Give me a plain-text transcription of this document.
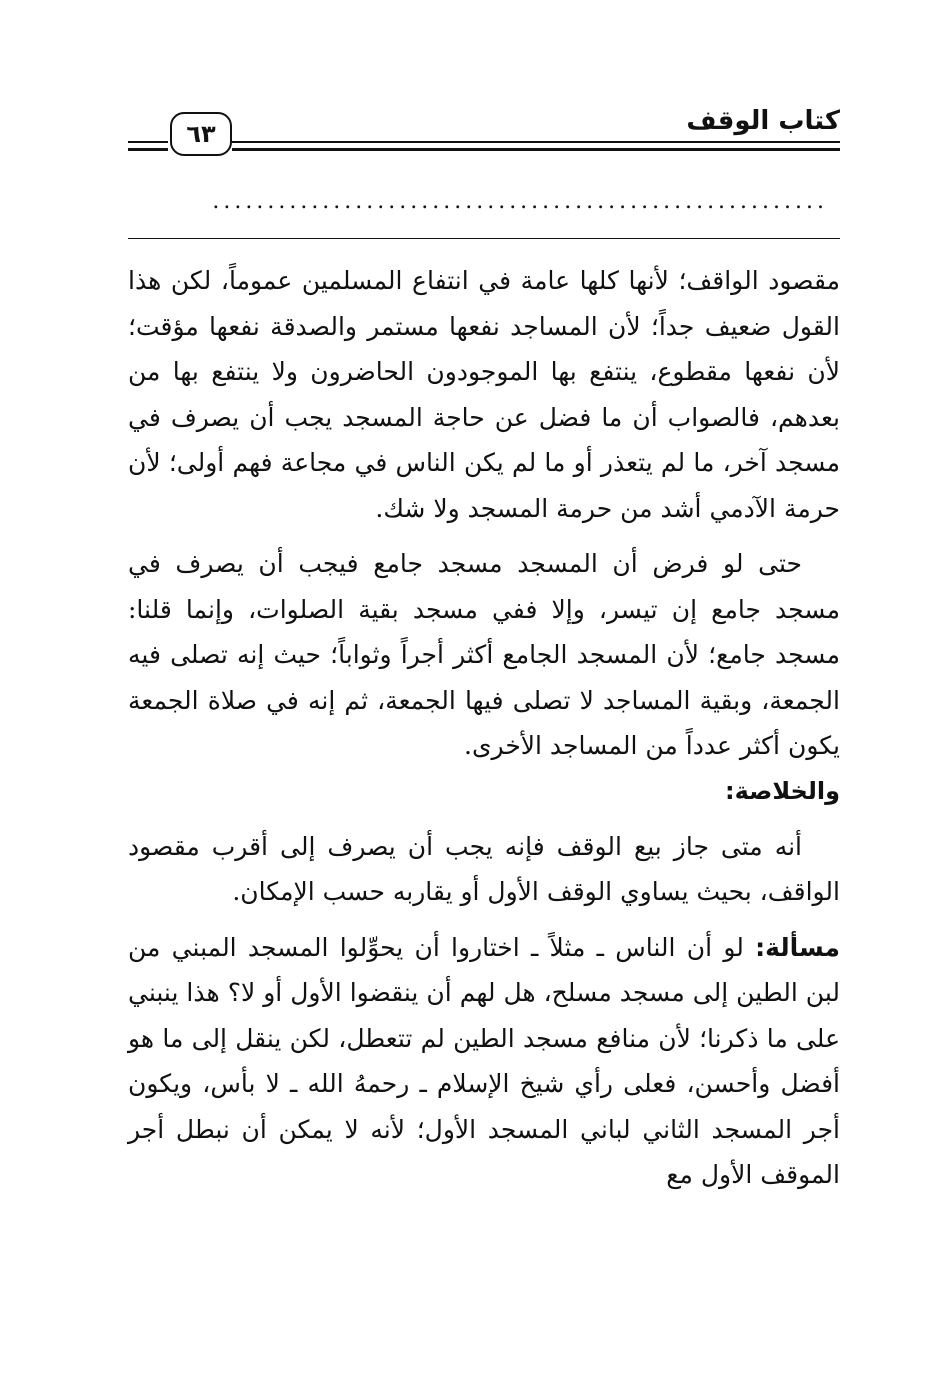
٦٣	كتاب الوقف
........................................................

مقصود الواقف؛ لأنها كلها عامة في انتفاع المسلمين عموماً، لكن هذا القول ضعيف جداً؛ لأن المساجد نفعها مستمر والصدقة نفعها مؤقت؛ لأن نفعها مقطوع، ينتفع بها الموجودون الحاضرون ولا ينتفع بها من بعدهم، فالصواب أن ما فضل عن حاجة المسجد يجب أن يصرف في مسجد آخر، ما لم يتعذر أو ما لم يكن الناس في مجاعة فهم أولى؛ لأن حرمة الآدمي أشد من حرمة المسجد ولا شك.

حتى لو فرض أن المسجد مسجد جامع فيجب أن يصرف في مسجد جامع إن تيسر، وإلا ففي مسجد بقية الصلوات، وإنما قلنا: مسجد جامع؛ لأن المسجد الجامع أكثر أجراً وثواباً؛ حيث إنه تصلى فيه الجمعة، وبقية المساجد لا تصلى فيها الجمعة، ثم إنه في صلاة الجمعة يكون أكثر عدداً من المساجد الأخرى.

والخلاصة:

أنه متى جاز بيع الوقف فإنه يجب أن يصرف إلى أقرب مقصود الواقف، بحيث يساوي الوقف الأول أو يقاربه حسب الإمكان.

مسألة: لو أن الناس ـ مثلاً ـ اختاروا أن يحوِّلوا المسجد المبني من لبن الطين إلى مسجد مسلح، هل لهم أن ينقضوا الأول أو لا؟ هذا ينبني على ما ذكرنا؛ لأن منافع مسجد الطين لم تتعطل، لكن ينقل إلى ما هو أفضل وأحسن، فعلى رأي شيخ الإسلام ـ رحمهُ الله ـ لا بأس، ويكون أجر المسجد الثاني لباني المسجد الأول؛ لأنه لا يمكن أن نبطل أجر الموقف الأول مع
